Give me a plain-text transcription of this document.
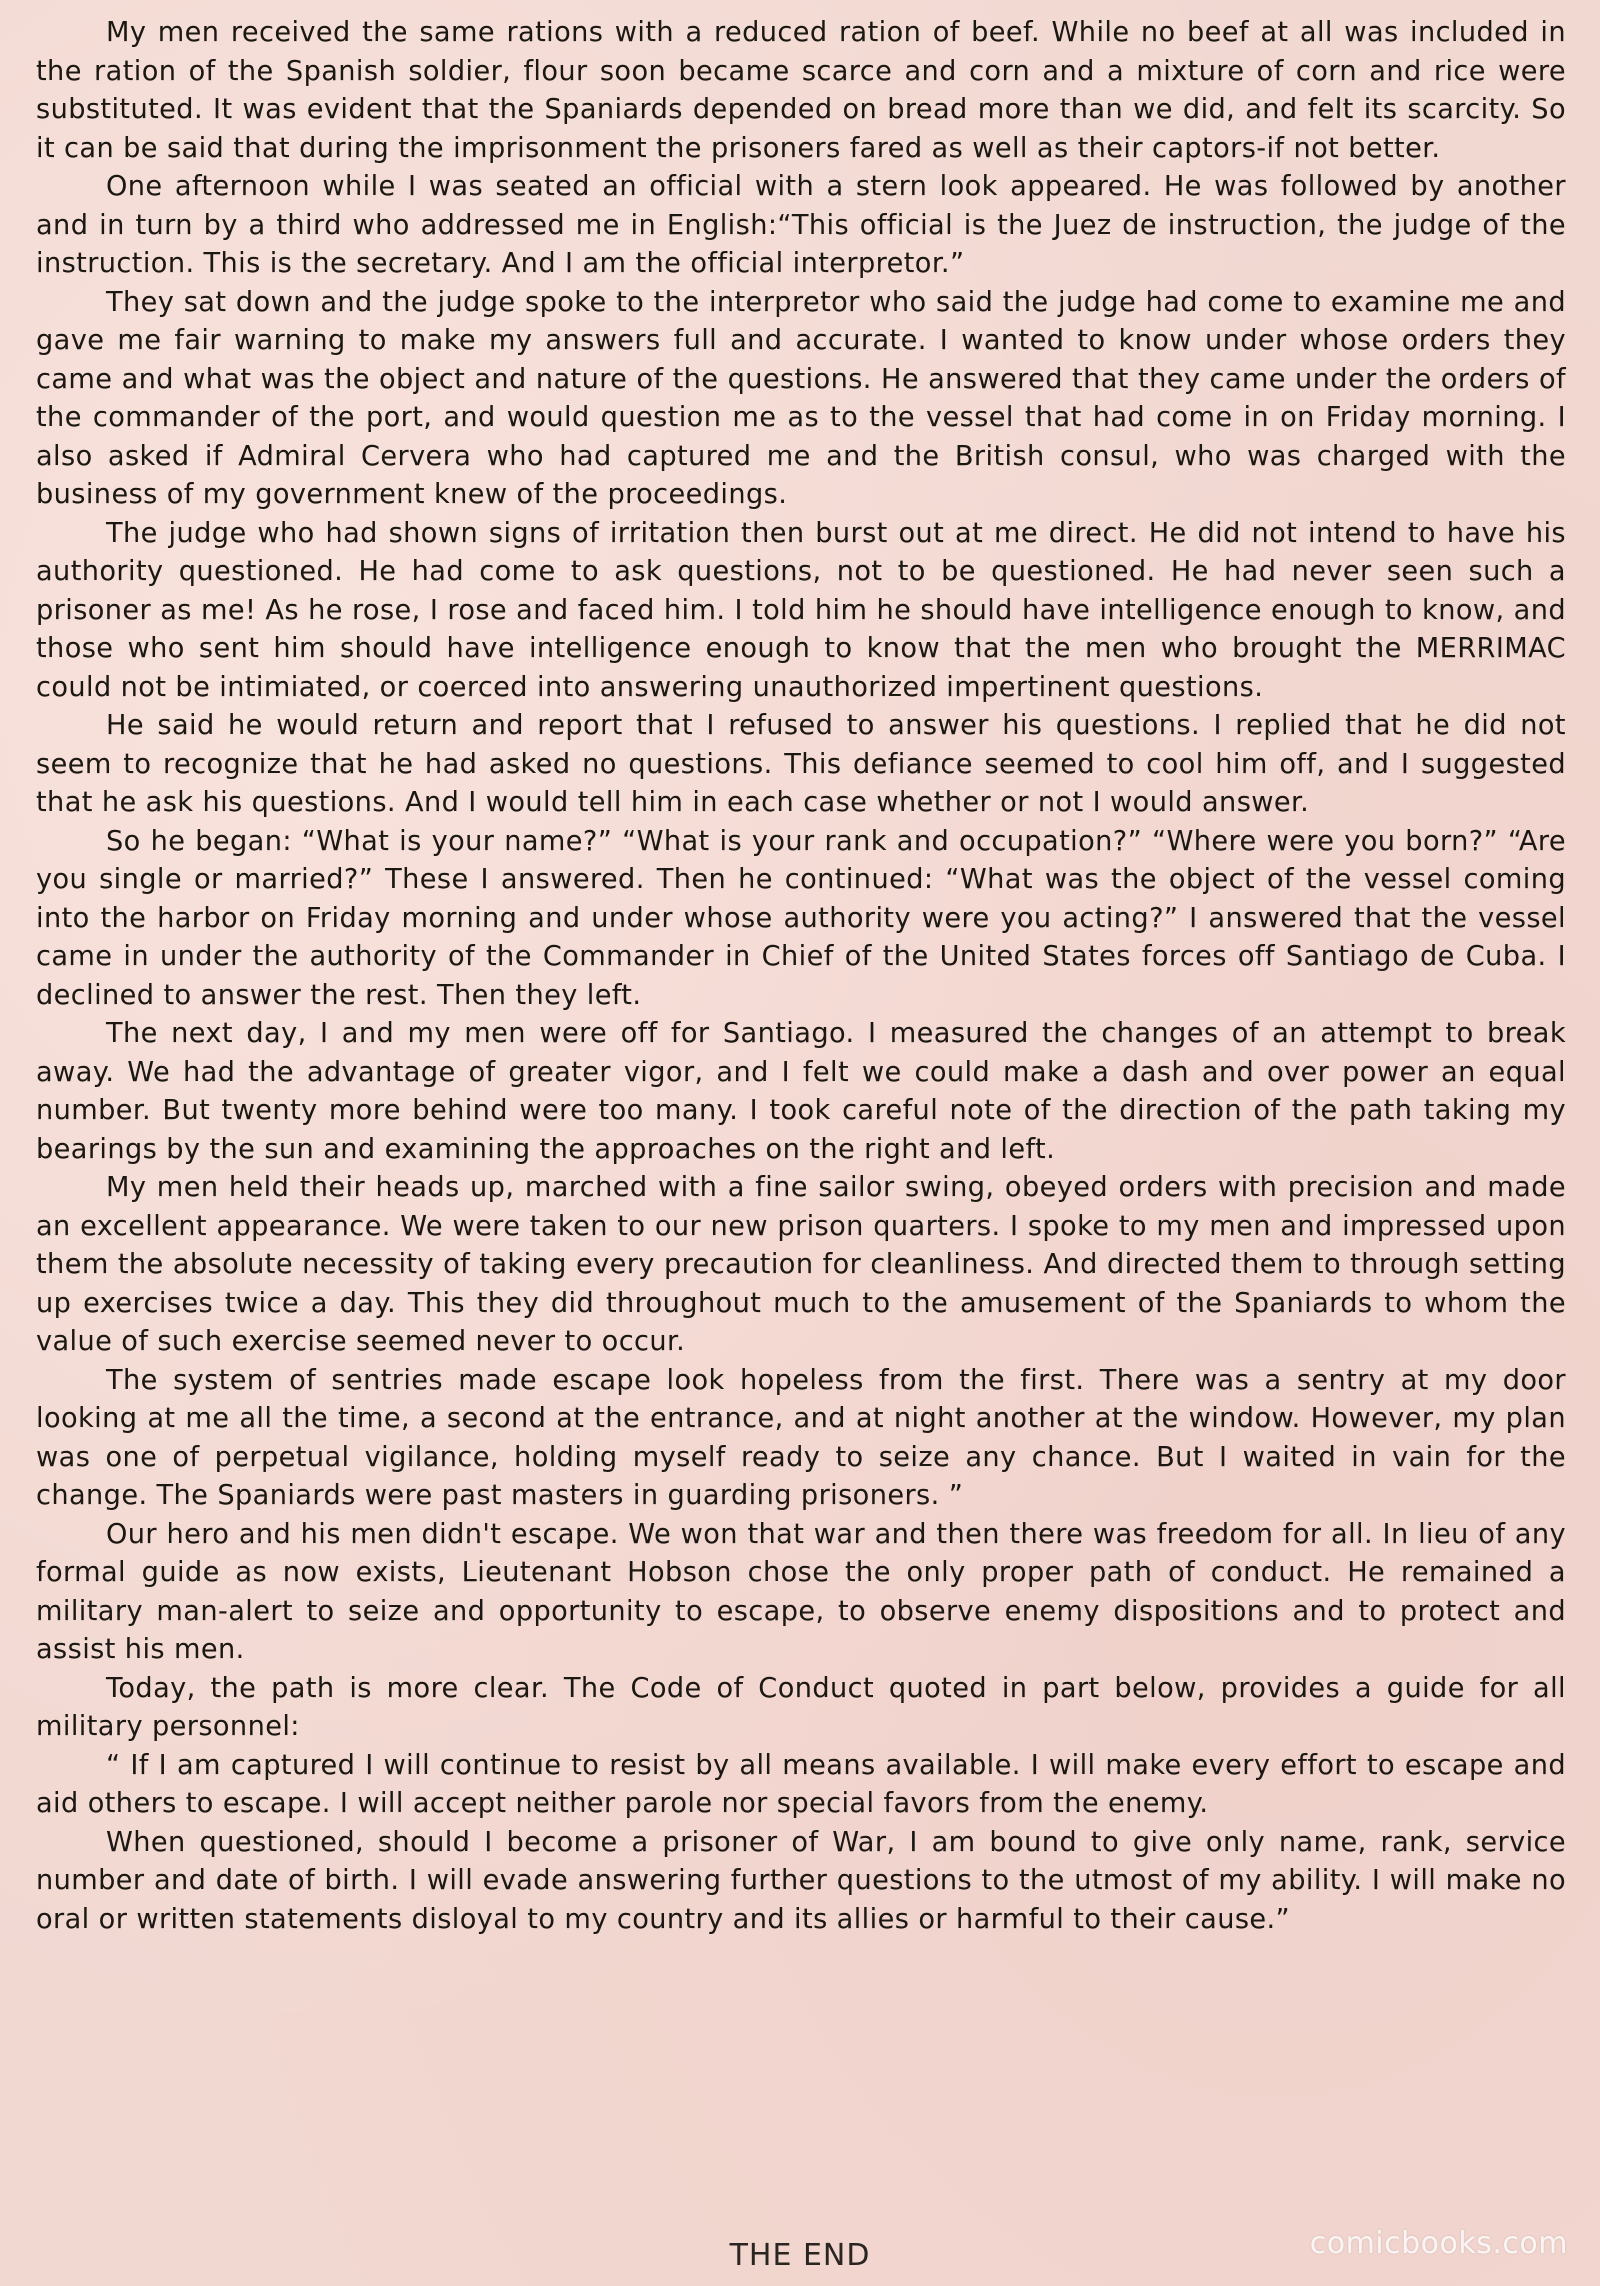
My men received the same rations with a reduced ration of beef. While no beef at all was included in the ration of the Spanish soldier, flour soon became scarce and corn and a mixture of corn and rice were substituted. It was evident that the Spaniards depended on bread more than we did, and felt its scarcity. So it can be said that during the imprisonment the prisoners fared as well as their captors-if not better.

One afternoon while I was seated an official with a stern look appeared. He was followed by another and in turn by a third who addressed me in English:“This official is the Juez de instruction, the judge of the instruction. This is the secretary. And I am the official interpretor.”

They sat down and the judge spoke to the interpretor who said the judge had come to examine me and gave me fair warning to make my answers full and accurate. I wanted to know under whose orders they came and what was the object and nature of the questions. He answered that they came under the orders of the commander of the port, and would question me as to the vessel that had come in on Friday morning. I also asked if Admiral Cervera who had captured me and the British consul, who was charged with the business of my government knew of the proceedings.

The judge who had shown signs of irritation then burst out at me direct. He did not intend to have his authority questioned. He had come to ask questions, not to be questioned. He had never seen such a prisoner as me! As he rose, I rose and faced him. I told him he should have intelligence enough to know, and those who sent him should have intelligence enough to know that the men who brought the MERRIMAC could not be intimiated, or coerced into answering unauthorized impertinent questions.

He said he would return and report that I refused to answer his questions. I replied that he did not seem to recognize that he had asked no questions. This defiance seemed to cool him off, and I suggested that he ask his questions. And I would tell him in each case whether or not I would answer.

So he began: “What is your name?” “What is your rank and occupation?” “Where were you born?” “Are you single or married?” These I answered. Then he continued: “What was the object of the vessel coming into the harbor on Friday morning and under whose authority were you acting?” I answered that the vessel came in under the authority of the Commander in Chief of the United States forces off Santiago de Cuba. I declined to answer the rest. Then they left.

The next day, I and my men were off for Santiago. I measured the changes of an attempt to break away. We had the advantage of greater vigor, and I felt we could make a dash and over power an equal number. But twenty more behind were too many. I took careful note of the direction of the path taking my bearings by the sun and examining the approaches on the right and left.

My men held their heads up, marched with a fine sailor swing, obeyed orders with precision and made an excellent appearance. We were taken to our new prison quarters. I spoke to my men and impressed upon them the absolute necessity of taking every precaution for cleanliness. And directed them to through setting up exercises twice a day. This they did throughout much to the amusement of the Spaniards to whom the value of such exercise seemed never to occur.

The system of sentries made escape look hopeless from the first. There was a sentry at my door looking at me all the time, a second at the entrance, and at night another at the window. However, my plan was one of perpetual vigilance, holding myself ready to seize any chance. But I waited in vain for the change. The Spaniards were past masters in guarding prisoners. ”

Our hero and his men didn't escape. We won that war and then there was freedom for all. In lieu of any formal guide as now exists, Lieutenant Hobson chose the only proper path of conduct. He remained a military man-alert to seize and opportunity to escape, to observe enemy dispositions and to protect and assist his men.

Today, the path is more clear. The Code of Conduct quoted in part below, provides a guide for all military personnel:

“ If I am captured I will continue to resist by all means available. I will make every effort to escape and aid others to escape. I will accept neither parole nor special favors from the enemy.

When questioned, should I become a prisoner of War, I am bound to give only name, rank, service number and date of birth. I will evade answering further questions to the utmost of my ability. I will make no oral or written statements disloyal to my country and its allies or harmful to their cause.”

THE END	comicbooks.com
